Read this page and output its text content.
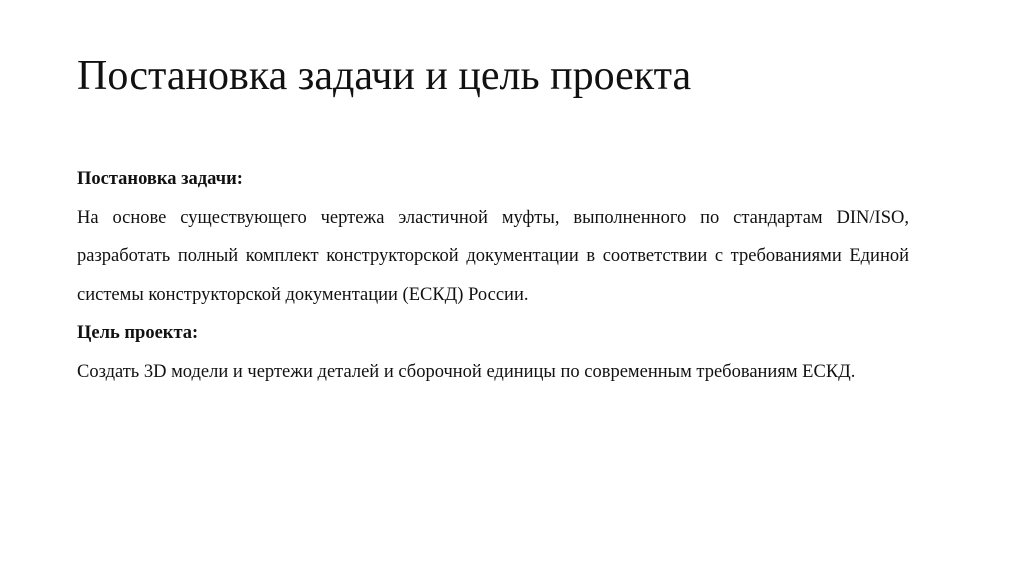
Постановка задачи и цель проекта

Постановка задачи:

На основе существующего чертежа эластичной муфты, выполненного по стандартам DIN/ISO, разработать полный комплект конструкторской документации в соответствии с требованиями Единой системы конструкторской документации (ЕСКД) России.

Цель проекта:

Создать 3D модели и чертежи деталей и сборочной единицы по современным требованиям ЕСКД.
